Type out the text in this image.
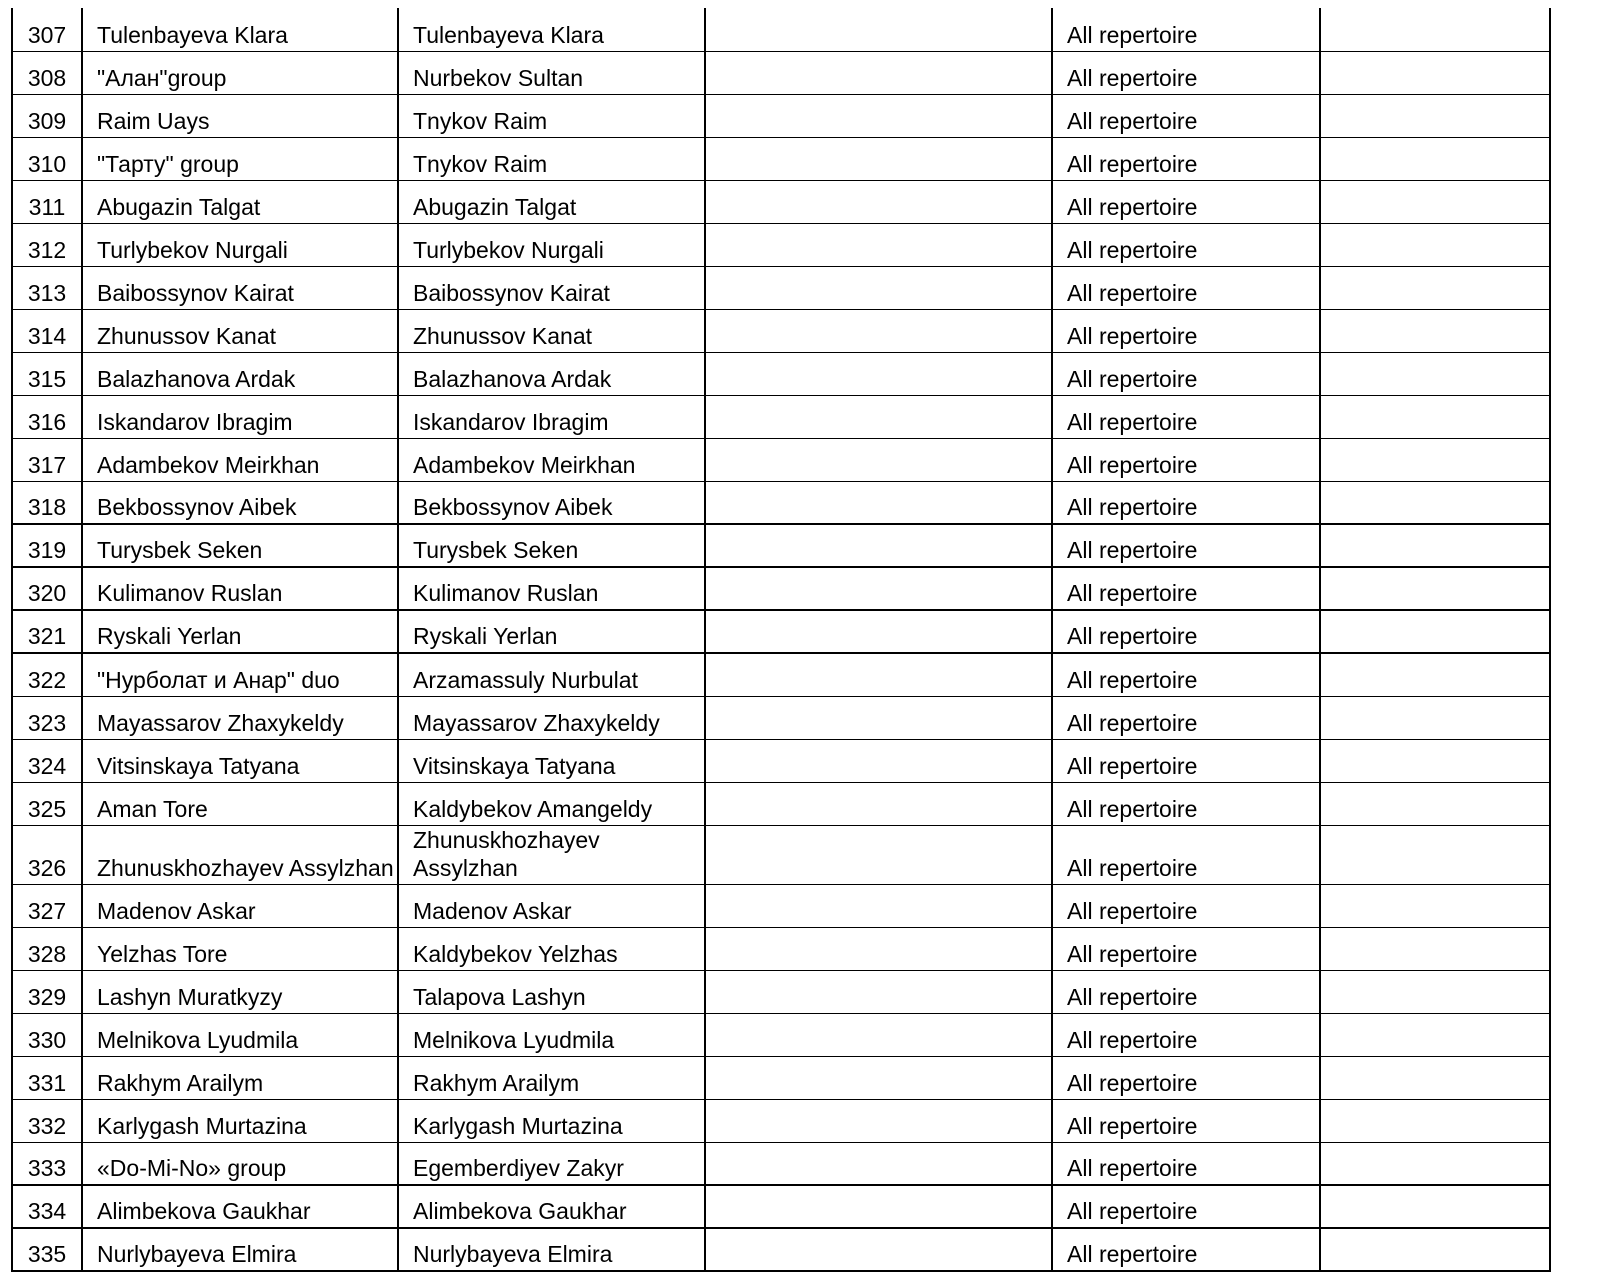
307	Tulenbayeva Klara	Tulenbayeva Klara		All repertoire	
308	"Алан"group	Nurbekov Sultan		All repertoire	
309	Raim Uays	Tnykov Raim		All repertoire	
310	"Тарту" group	Tnykov Raim		All repertoire	
311	Abugazin Talgat	Abugazin Talgat		All repertoire	
312	Turlybekov Nurgali	Turlybekov Nurgali		All repertoire	
313	Baibossynov Kairat	Baibossynov Kairat		All repertoire	
314	Zhunussov Kanat	Zhunussov Kanat		All repertoire	
315	Balazhanova Ardak	Balazhanova Ardak		All repertoire	
316	Iskandarov Ibragim	Iskandarov Ibragim		All repertoire	
317	Adambekov Meirkhan	Adambekov Meirkhan		All repertoire	
318	Bekbossynov Aibek	Bekbossynov Aibek		All repertoire	
319	Turysbek Seken	Turysbek Seken		All repertoire	
320	Kulimanov Ruslan	Kulimanov Ruslan		All repertoire	
321	Ryskali Yerlan	Ryskali Yerlan		All repertoire	
322	"Нурболат и Анар" duo	Arzamassuly Nurbulat		All repertoire	
323	Mayassarov Zhaxykeldy	Mayassarov Zhaxykeldy		All repertoire	
324	Vitsinskaya Tatyana	Vitsinskaya Tatyana		All repertoire	
325	Aman Tore	Kaldybekov Amangeldy		All repertoire	
326	Zhunuskhozhayev Assylzhan	Zhunuskhozhayev Assylzhan		All repertoire	
327	Madenov Askar	Madenov Askar		All repertoire	
328	Yelzhas Tore	Kaldybekov Yelzhas		All repertoire	
329	Lashyn Muratkyzy	Talapova Lashyn		All repertoire	
330	Melnikova Lyudmila	Melnikova Lyudmila		All repertoire	
331	Rakhym Arailym	Rakhym Arailym		All repertoire	
332	Karlygash Murtazina	Karlygash Murtazina		All repertoire	
333	«Do-Mi-No» group	Egemberdiyev Zakyr		All repertoire	
334	Alimbekova Gaukhar	Alimbekova Gaukhar		All repertoire	
335	Nurlybayeva Elmira	Nurlybayeva Elmira		All repertoire	
